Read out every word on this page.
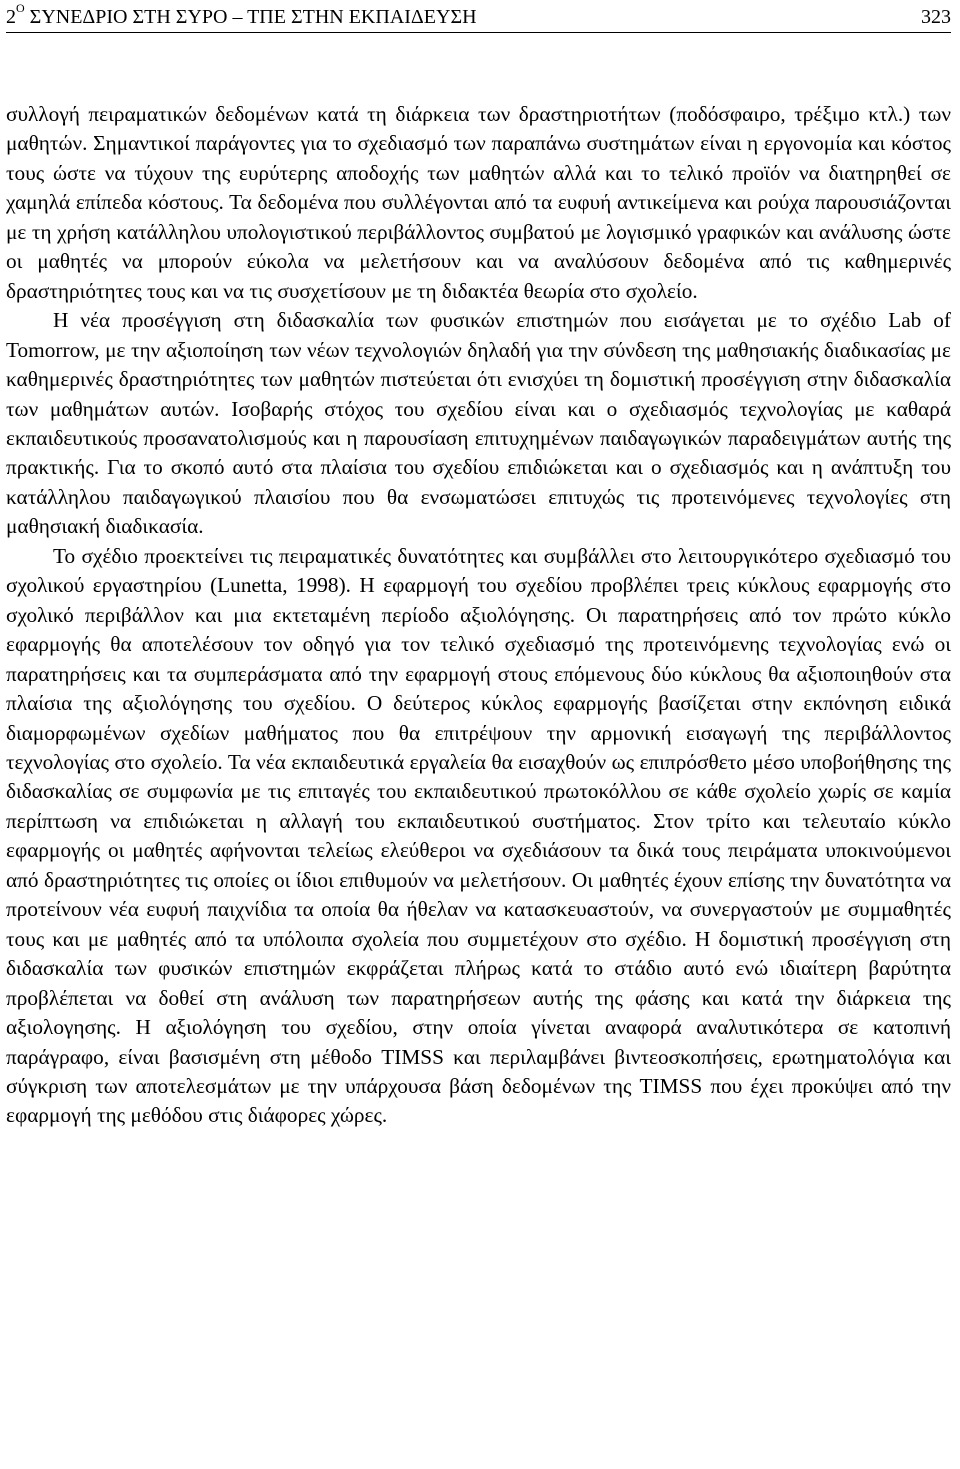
$2^O$ ΣΥΝΕΔΡΙΟ ΣΤΗ ΣΥΡΟ – ΤΠΕ ΣΤΗΝ ΕΚΠΑΙΔΕΥΣΗ	323

συλλογή πειραματικών δεδομένων κατά τη διάρκεια των δραστηριοτήτων (ποδόσφαιρο, τρέξιμο κτλ.) των μαθητών. Σημαντικοί παράγοντες για το σχεδιασμό των παραπάνω συστημάτων είναι η εργονομία και κόστος τους ώστε να τύχουν της ευρύτερης αποδοχής των μαθητών αλλά και το τελικό προϊόν να διατηρηθεί σε χαμηλά επίπεδα κόστους. Τα δεδομένα που συλλέγονται από τα ευφυή αντικείμενα και ρούχα παρουσιάζονται με τη χρήση κατάλληλου υπολογιστικού περιβάλλοντος συμβατού με λογισμικό γραφικών και ανάλυσης ώστε οι μαθητές να μπορούν εύκολα να μελετήσουν και να αναλύσουν δεδομένα από τις καθημερινές δραστηριότητες τους και να τις συσχετίσουν με τη διδακτέα θεωρία στο σχολείο.

Η νέα προσέγγιση στη διδασκαλία των φυσικών επιστημών που εισάγεται με το σχέδιο Lab of Tomorrow, με την αξιοποίηση των νέων τεχνολογιών δηλαδή για την σύνδεση της μαθησιακής διαδικασίας με καθημερινές δραστηριότητες των μαθητών πιστεύεται ότι ενισχύει τη δομιστική προσέγγιση στην διδασκαλία των μαθημάτων αυτών. Ισοβαρής στόχος του σχεδίου είναι και ο σχεδιασμός τεχνολογίας με καθαρά εκπαιδευτικούς προσανατολισμούς και η παρουσίαση επιτυχημένων παιδαγωγικών παραδειγμάτων αυτής της πρακτικής. Για το σκοπό αυτό στα πλαίσια του σχεδίου επιδιώκεται και ο σχεδιασμός και η ανάπτυξη του κατάλληλου παιδαγωγικού πλαισίου που θα ενσωματώσει επιτυχώς τις προτεινόμενες τεχνολογίες στη μαθησιακή διαδικασία.

Το σχέδιο προεκτείνει τις πειραματικές δυνατότητες και συμβάλλει στο λειτουργικότερο σχεδιασμό του σχολικού εργαστηρίου (Lunetta, 1998). Η εφαρμογή του σχεδίου προβλέπει τρεις κύκλους εφαρμογής στο σχολικό περιβάλλον και μια εκτεταμένη περίοδο αξιολόγησης. Οι παρατηρήσεις από τον πρώτο κύκλο εφαρμογής θα αποτελέσουν τον οδηγό για τον τελικό σχεδιασμό της προτεινόμενης τεχνολογίας ενώ οι παρατηρήσεις και τα συμπεράσματα από την εφαρμογή στους επόμενους δύο κύκλους θα αξιοποιηθούν στα πλαίσια της αξιολόγησης του σχεδίου. Ο δεύτερος κύκλος εφαρμογής βασίζεται στην εκπόνηση ειδικά διαμορφωμένων σχεδίων μαθήματος που θα επιτρέψουν την αρμονική εισαγωγή της περιβάλλοντος τεχνολογίας στο σχολείο. Τα νέα εκπαιδευτικά εργαλεία θα εισαχθούν ως επιπρόσθετο μέσο υποβοήθησης της διδασκαλίας σε συμφωνία με τις επιταγές του εκπαιδευτικού πρωτοκόλλου σε κάθε σχολείο χωρίς σε καμία περίπτωση να επιδιώκεται η αλλαγή του εκπαιδευτικού συστήματος. Στον τρίτο και τελευταίο κύκλο εφαρμογής οι μαθητές αφήνονται τελείως ελεύθεροι να σχεδιάσουν τα δικά τους πειράματα υποκινούμενοι από δραστηριότητες τις οποίες οι ίδιοι επιθυμούν να μελετήσουν. Οι μαθητές έχουν επίσης την δυνατότητα να προτείνουν νέα ευφυή παιχνίδια τα οποία θα ήθελαν να κατασκευαστούν, να συνεργαστούν με συμμαθητές τους και με μαθητές από τα υπόλοιπα σχολεία που συμμετέχουν στο σχέδιο. Η δομιστική προσέγγιση στη διδασκαλία των φυσικών επιστημών εκφράζεται πλήρως κατά το στάδιο αυτό ενώ ιδιαίτερη βαρύτητα προβλέπεται να δοθεί στη ανάλυση των παρατηρήσεων αυτής της φάσης και κατά την διάρκεια της αξιολογησης. Η αξιολόγηση του σχεδίου, στην οποία γίνεται αναφορά αναλυτικότερα σε κατοπινή παράγραφο, είναι βασισμένη στη μέθοδο TIMSS και περιλαμβάνει βιντεοσκοπήσεις, ερωτηματολόγια και σύγκριση των αποτελεσμάτων με την υπάρχουσα βάση δεδομένων της TIMSS που έχει προκύψει από την εφαρμογή της μεθόδου στις διάφορες χώρες.
